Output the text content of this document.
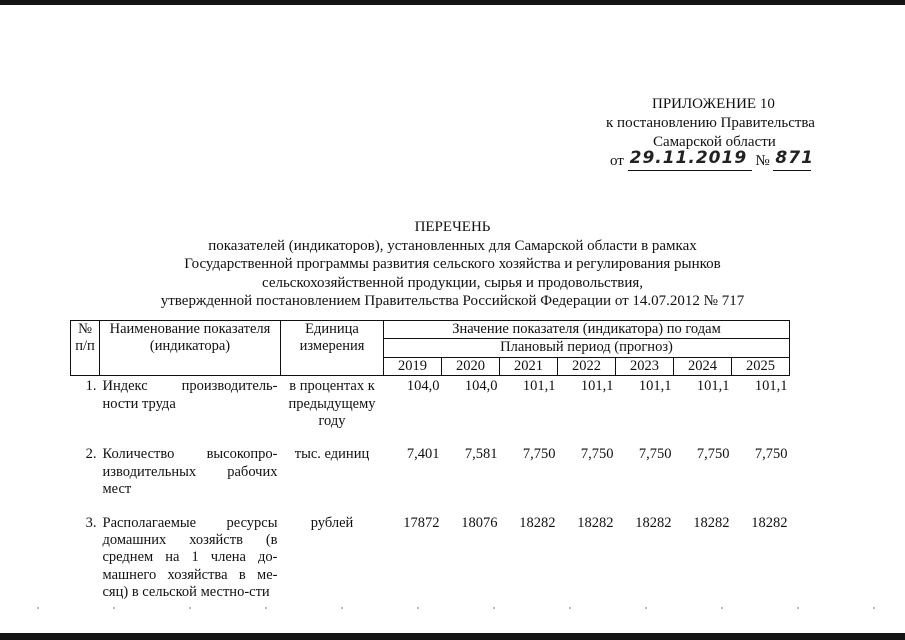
ПРИЛОЖЕНИЕ 10
к постановлению Правительства
Самарской области
от 29.11.2019 № 871
ПЕРЕЧЕНЬ
показателей (индикаторов), установленных для Самарской области в рамках
Государственной программы развития сельского хозяйства и регулирования рынков
сельскохозяйственной продукции, сырья и продовольствия,
утвержденной постановлением Правительства Российской Федерации от 14.07.2012 № 717
№ п/п	Наименование показателя (индикатора)	Единица измерения	Значение показателя (индикатора) по годам						
			Плановый период (прогноз)						
			2019	2020	2021	2022	2023	2024	2025
1.	Индекс производитель-ности труда	в процентах к предыдущему году	104,0	104,0	101,1	101,1	101,1	101,1	101,1
2.	Количество высокопро-изводительных рабочих мест	тыс. единиц	7,401	7,581	7,750	7,750	7,750	7,750	7,750
3.	Располагаемые ресурсы домашних хозяйств (в среднем на 1 члена до-машнего хозяйства в ме-сяц) в сельской местно-сти	рублей	17872	18076	18282	18282	18282	18282	18282
